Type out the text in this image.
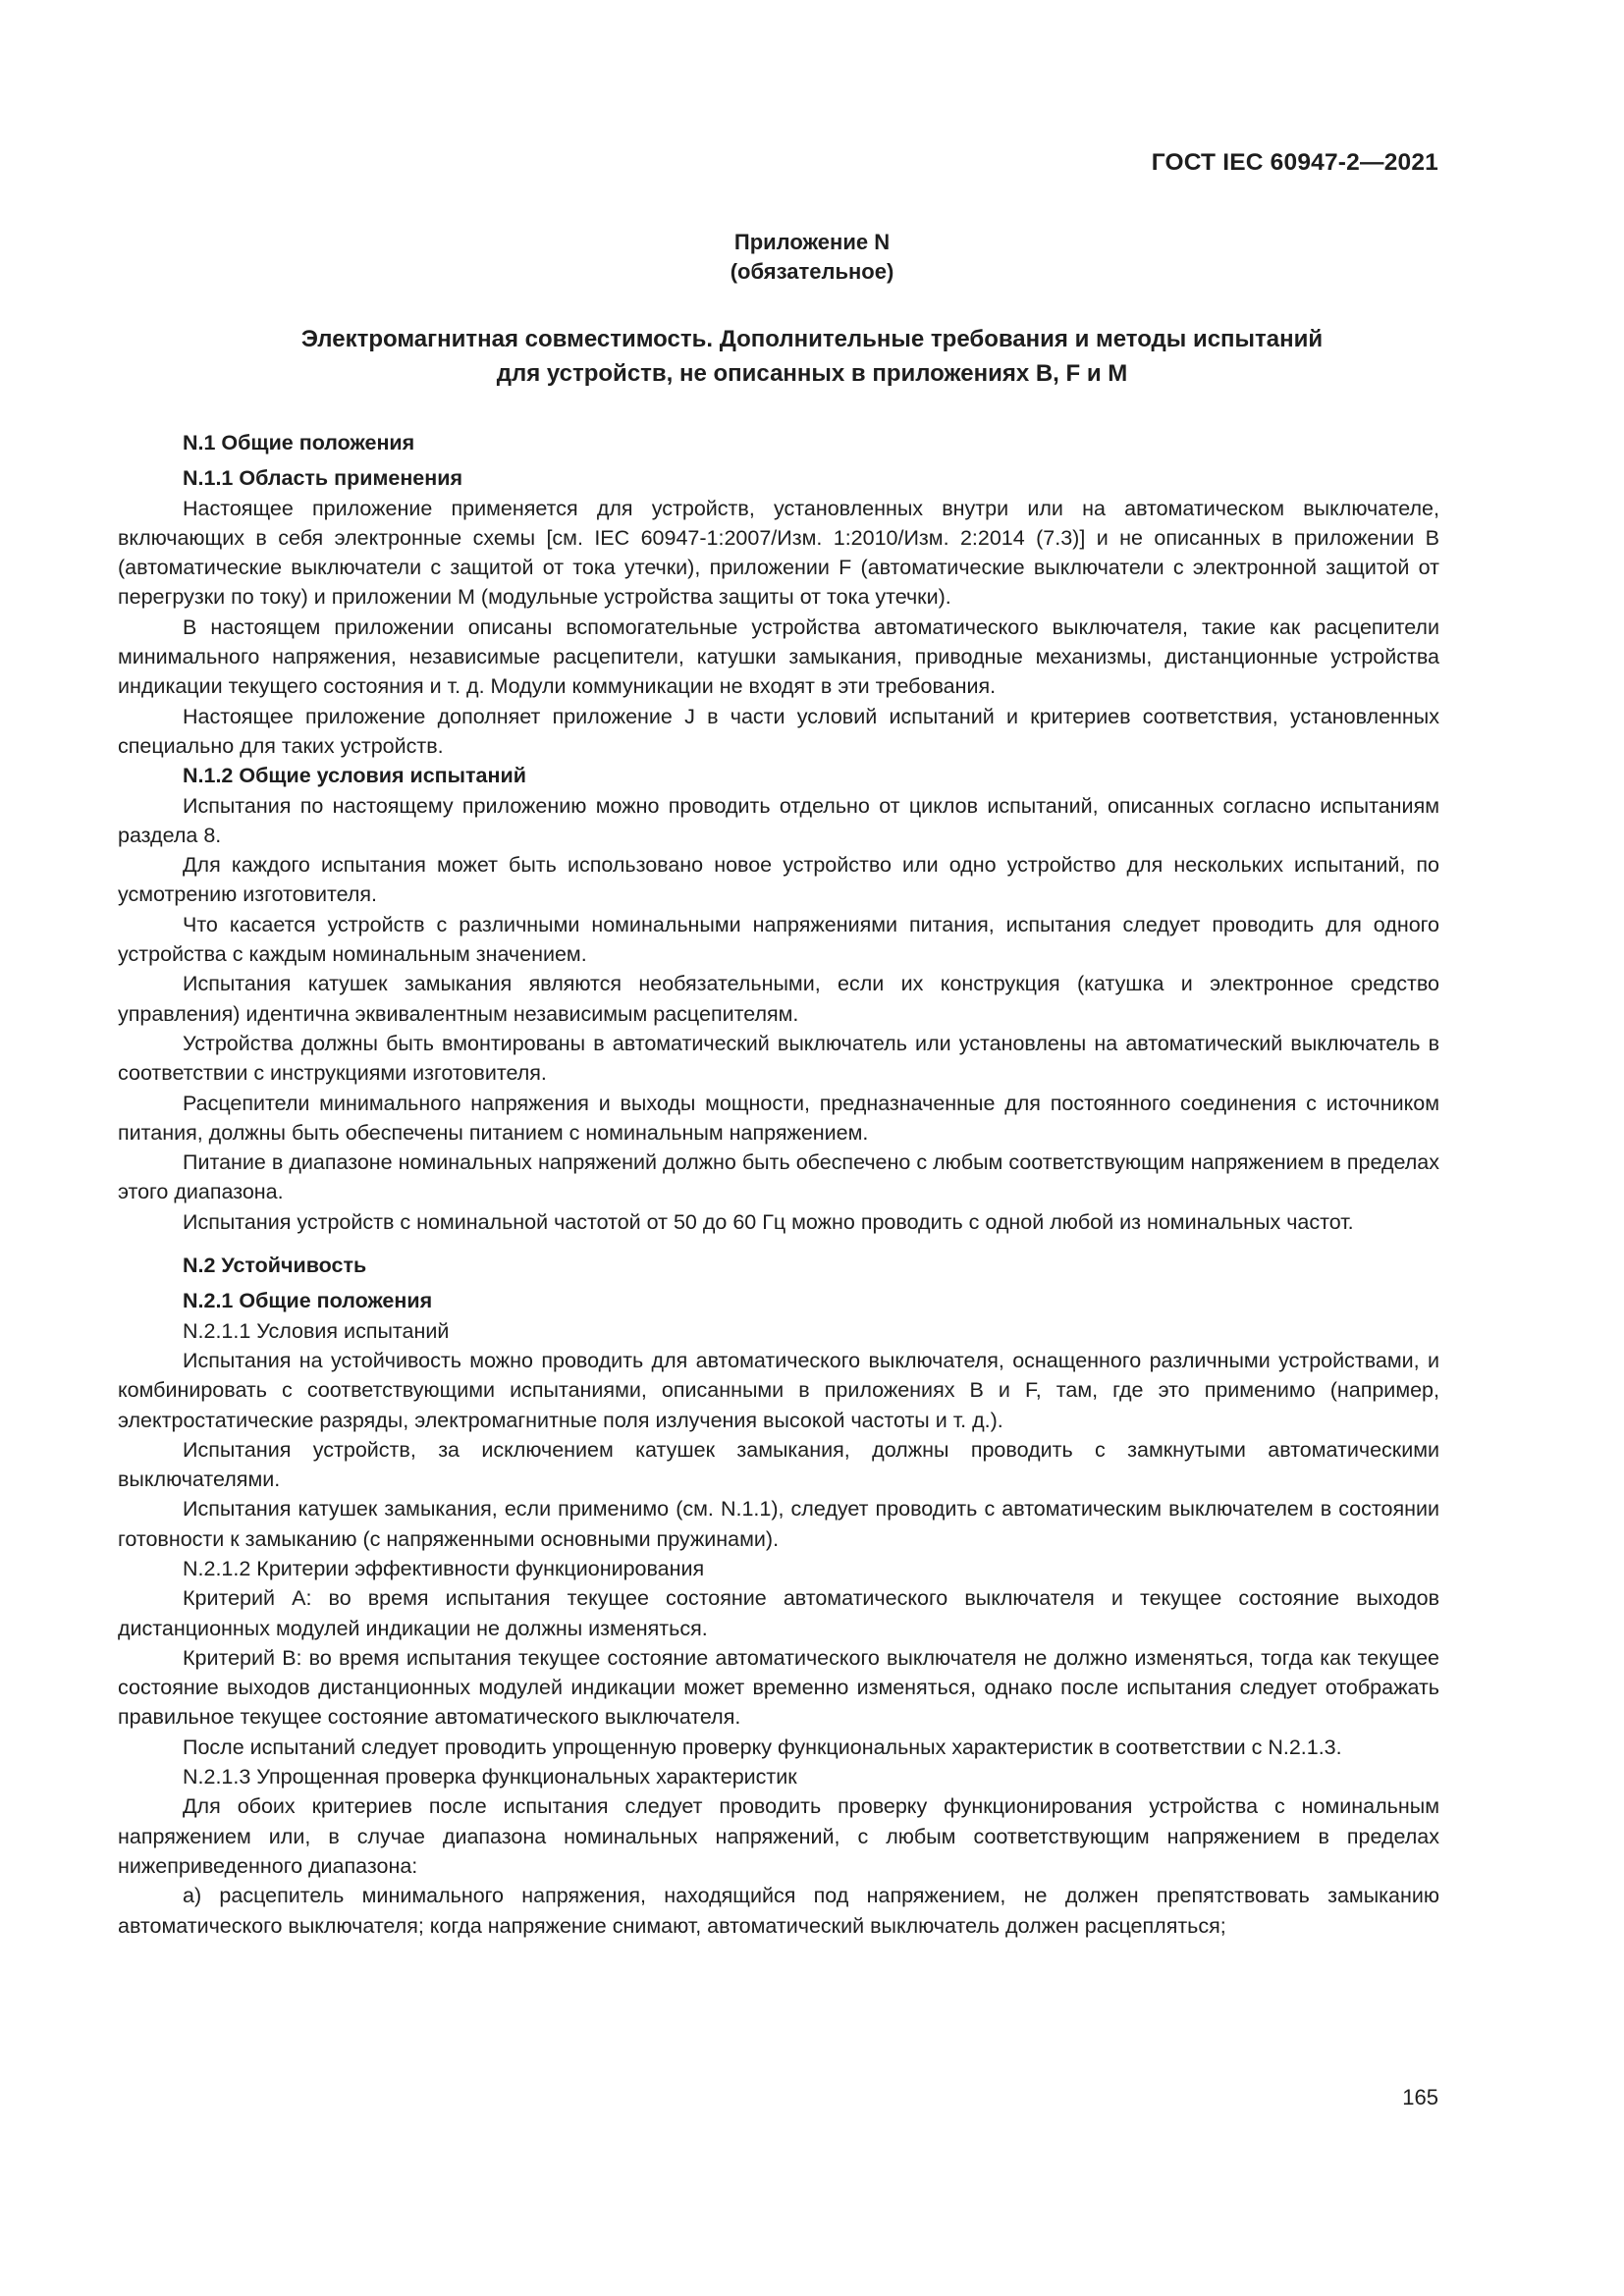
ГОСТ IEC 60947-2—2021
Приложение N
(обязательное)
Электромагнитная совместимость. Дополнительные требования и методы испытаний
для устройств, не описанных в приложениях B, F и M
N.1 Общие положения
N.1.1 Область применения

Настоящее приложение применяется для устройств, установленных внутри или на автоматическом выключателе, включающих в себя электронные схемы [см. IEC 60947-1:2007/Изм. 1:2010/Изм. 2:2014 (7.3)] и не описанных в приложении B (автоматические выключатели с защитой от тока утечки), приложении F (автоматические выключатели с электронной защитой от перегрузки по току) и приложении M (модульные устройства защиты от тока утечки).

В настоящем приложении описаны вспомогательные устройства автоматического выключателя, такие как расцепители минимального напряжения, независимые расцепители, катушки замыкания, приводные механизмы, дистанционные устройства индикации текущего состояния и т. д. Модули коммуникации не входят в эти требования.

Настоящее приложение дополняет приложение J в части условий испытаний и критериев соответствия, установленных специально для таких устройств.

N.1.2 Общие условия испытаний

Испытания по настоящему приложению можно проводить отдельно от циклов испытаний, описанных согласно испытаниям раздела 8.

Для каждого испытания может быть использовано новое устройство или одно устройство для нескольких испытаний, по усмотрению изготовителя.

Что касается устройств с различными номинальными напряжениями питания, испытания следует проводить для одного устройства с каждым номинальным значением.

Испытания катушек замыкания являются необязательными, если их конструкция (катушка и электронное средство управления) идентична эквивалентным независимым расцепителям.

Устройства должны быть вмонтированы в автоматический выключатель или установлены на автоматический выключатель в соответствии с инструкциями изготовителя.

Расцепители минимального напряжения и выходы мощности, предназначенные для постоянного соединения с источником питания, должны быть обеспечены питанием с номинальным напряжением.

Питание в диапазоне номинальных напряжений должно быть обеспечено с любым соответствующим напряжением в пределах этого диапазона.

Испытания устройств с номинальной частотой от 50 до 60 Гц можно проводить с одной любой из номинальных частот.

N.2 Устойчивость
N.2.1 Общие положения
N.2.1.1 Условия испытаний

Испытания на устойчивость можно проводить для автоматического выключателя, оснащенного различными устройствами, и комбинировать с соответствующими испытаниями, описанными в приложениях B и F, там, где это применимо (например, электростатические разряды, электромагнитные поля излучения высокой частоты и т. д.).

Испытания устройств, за исключением катушек замыкания, должны проводить с замкнутыми автоматическими выключателями.

Испытания катушек замыкания, если применимо (см. N.1.1), следует проводить с автоматическим выключателем в состоянии готовности к замыканию (с напряженными основными пружинами).

N.2.1.2 Критерии эффективности функционирования

Критерий А: во время испытания текущее состояние автоматического выключателя и текущее состояние выходов дистанционных модулей индикации не должны изменяться.

Критерий В: во время испытания текущее состояние автоматического выключателя не должно изменяться, тогда как текущее состояние выходов дистанционных модулей индикации может временно изменяться, однако после испытания следует отображать правильное текущее состояние автоматического выключателя.

После испытаний следует проводить упрощенную проверку функциональных характеристик в соответствии с N.2.1.3.

N.2.1.3 Упрощенная проверка функциональных характеристик

Для обоих критериев после испытания следует проводить проверку функционирования устройства с номинальным напряжением или, в случае диапазона номинальных напряжений, с любым соответствующим напряжением в пределах нижеприведенного диапазона:

а) расцепитель минимального напряжения, находящийся под напряжением, не должен препятствовать замыканию автоматического выключателя; когда напряжение снимают, автоматический выключатель должен расцепляться;

165
